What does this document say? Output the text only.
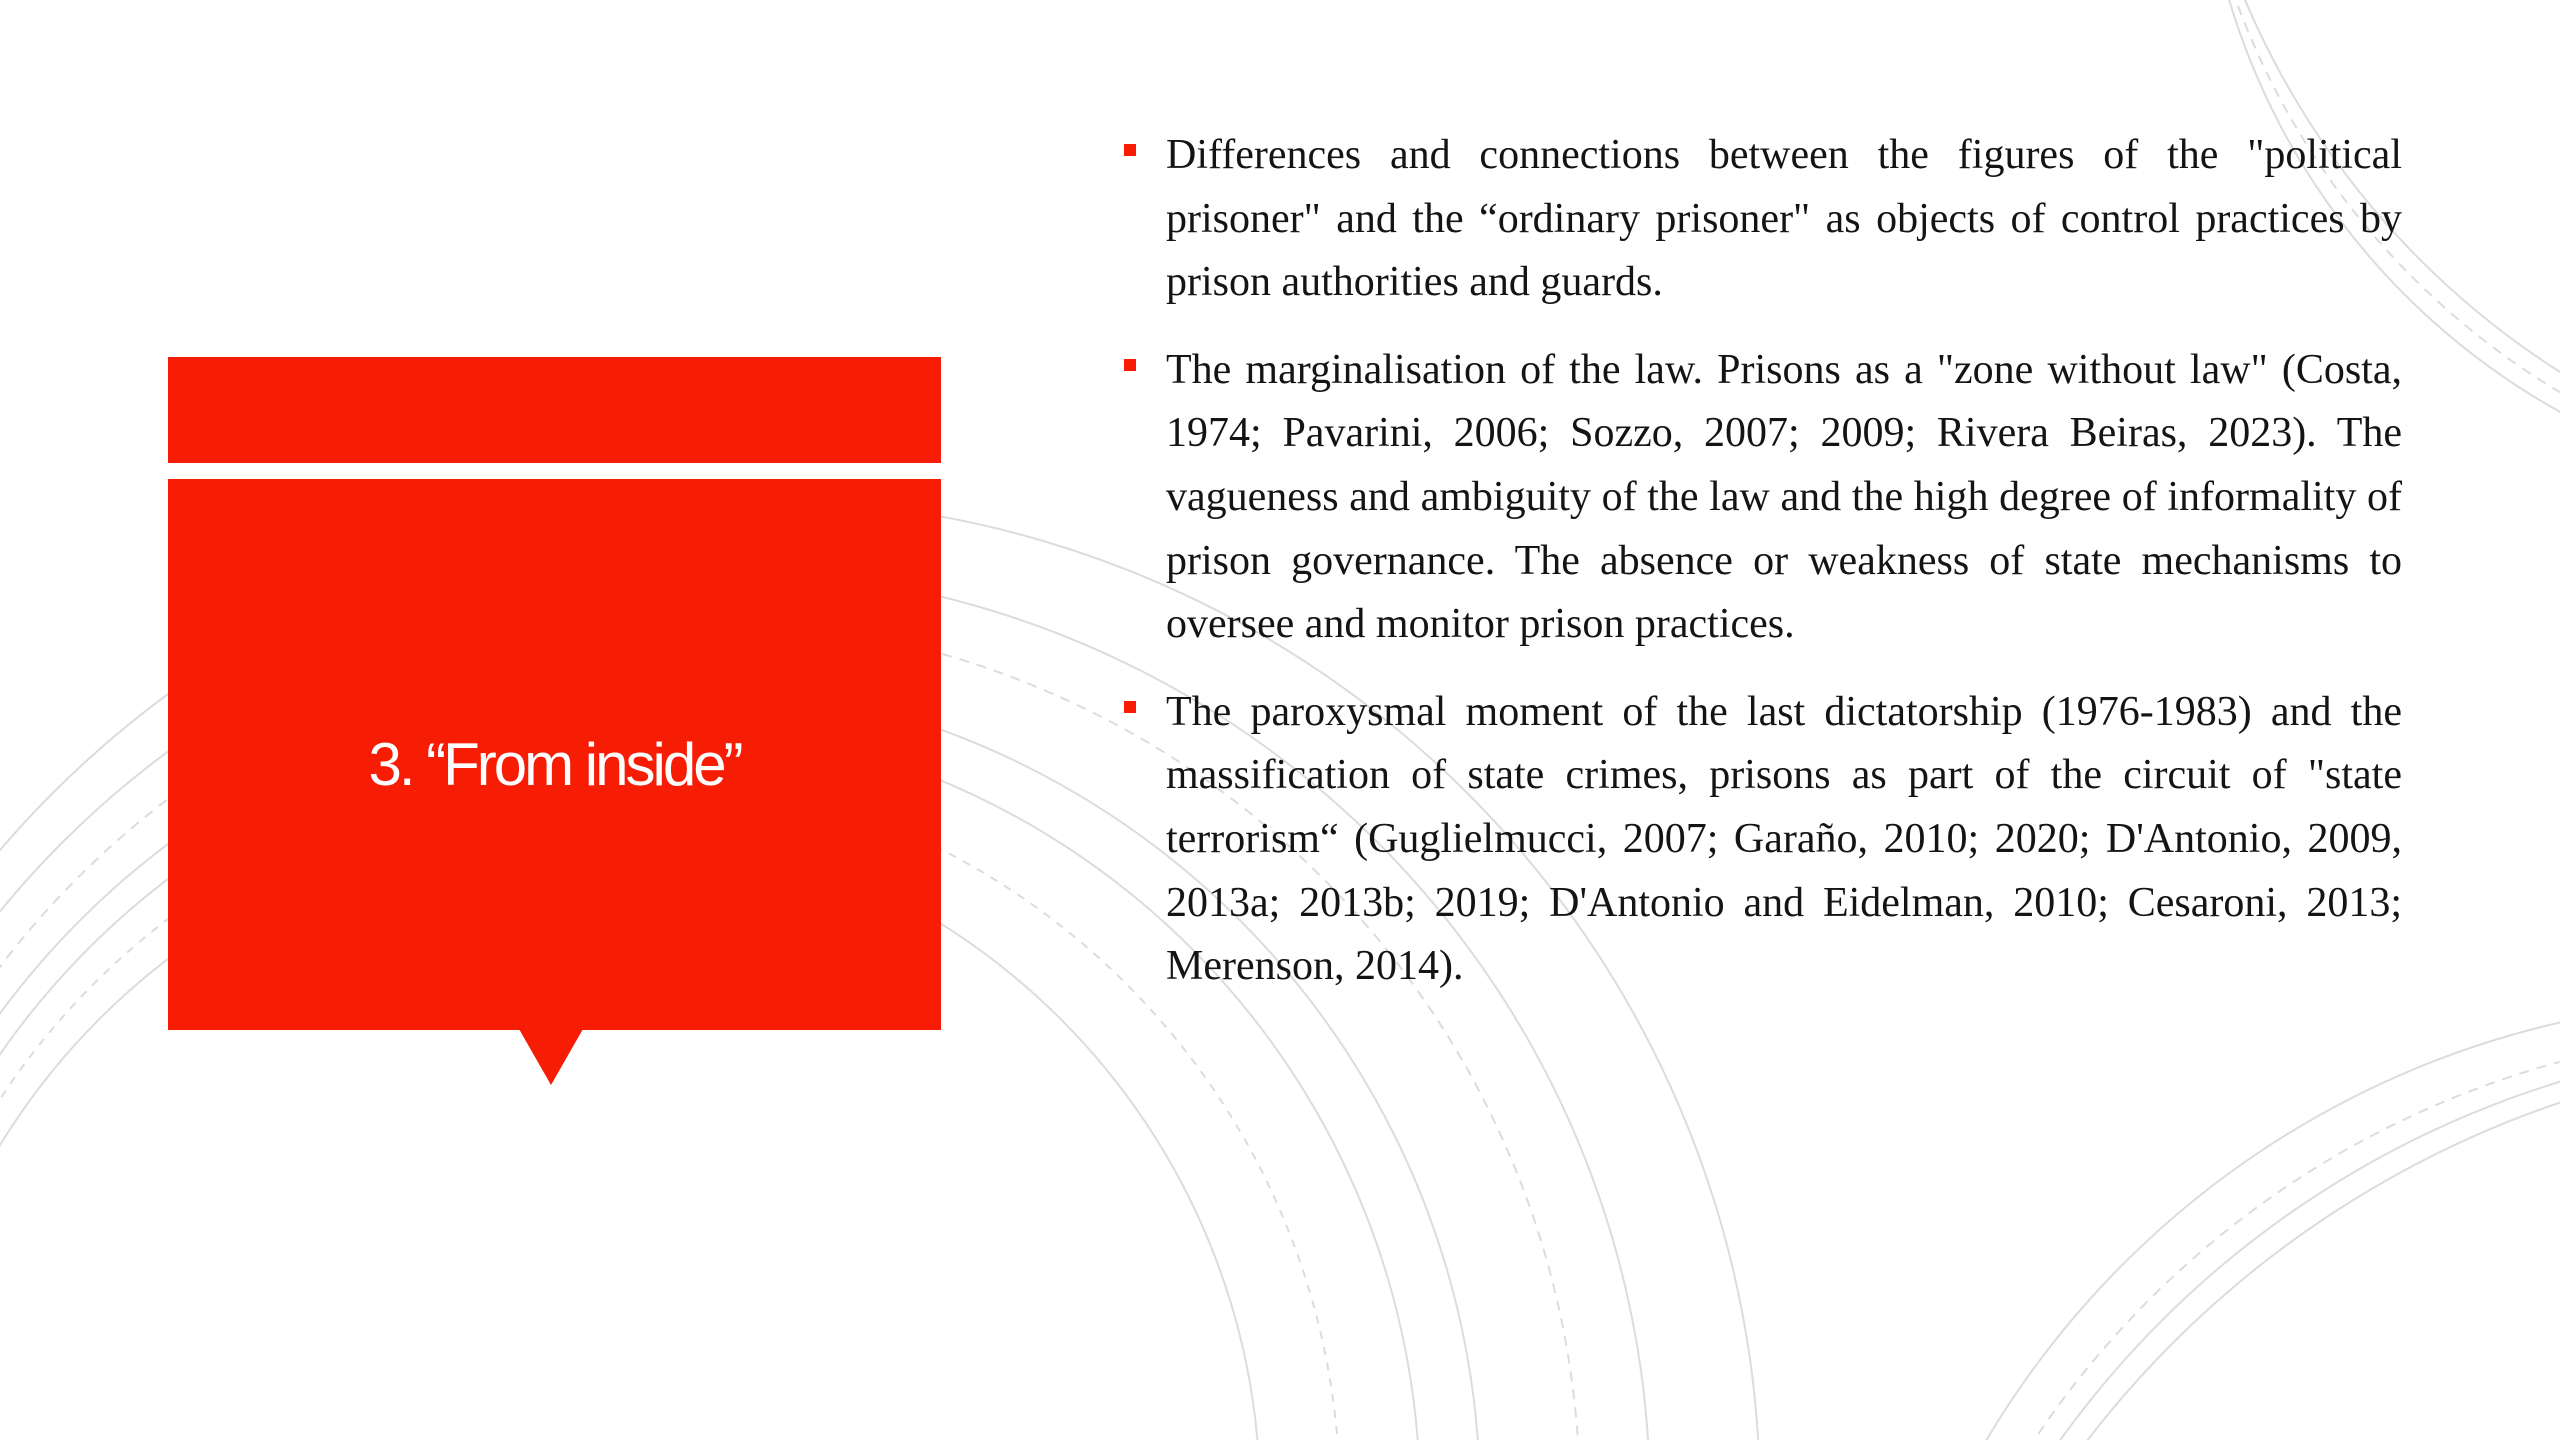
3. “From inside”

Differences and connections between the figures of the "political prisoner" and the “ordinary prisoner" as objects of control practices by prison authorities and guards.

The marginalisation of the law. Prisons as a "zone without law" (Costa, 1974; Pavarini, 2006; Sozzo, 2007; 2009; Rivera Beiras, 2023). The vagueness and ambiguity of the law and the high degree of informality of prison governance. The absence or weakness of state mechanisms to oversee and monitor prison practices.

The paroxysmal moment of the last dictatorship (1976-1983) and the massification of state crimes, prisons as part of the circuit of "state terrorism“ (Guglielmucci, 2007; Garaño, 2010; 2020; D'Antonio, 2009, 2013a; 2013b; 2019; D'Antonio and Eidelman, 2010; Cesaroni, 2013; Merenson, 2014).
